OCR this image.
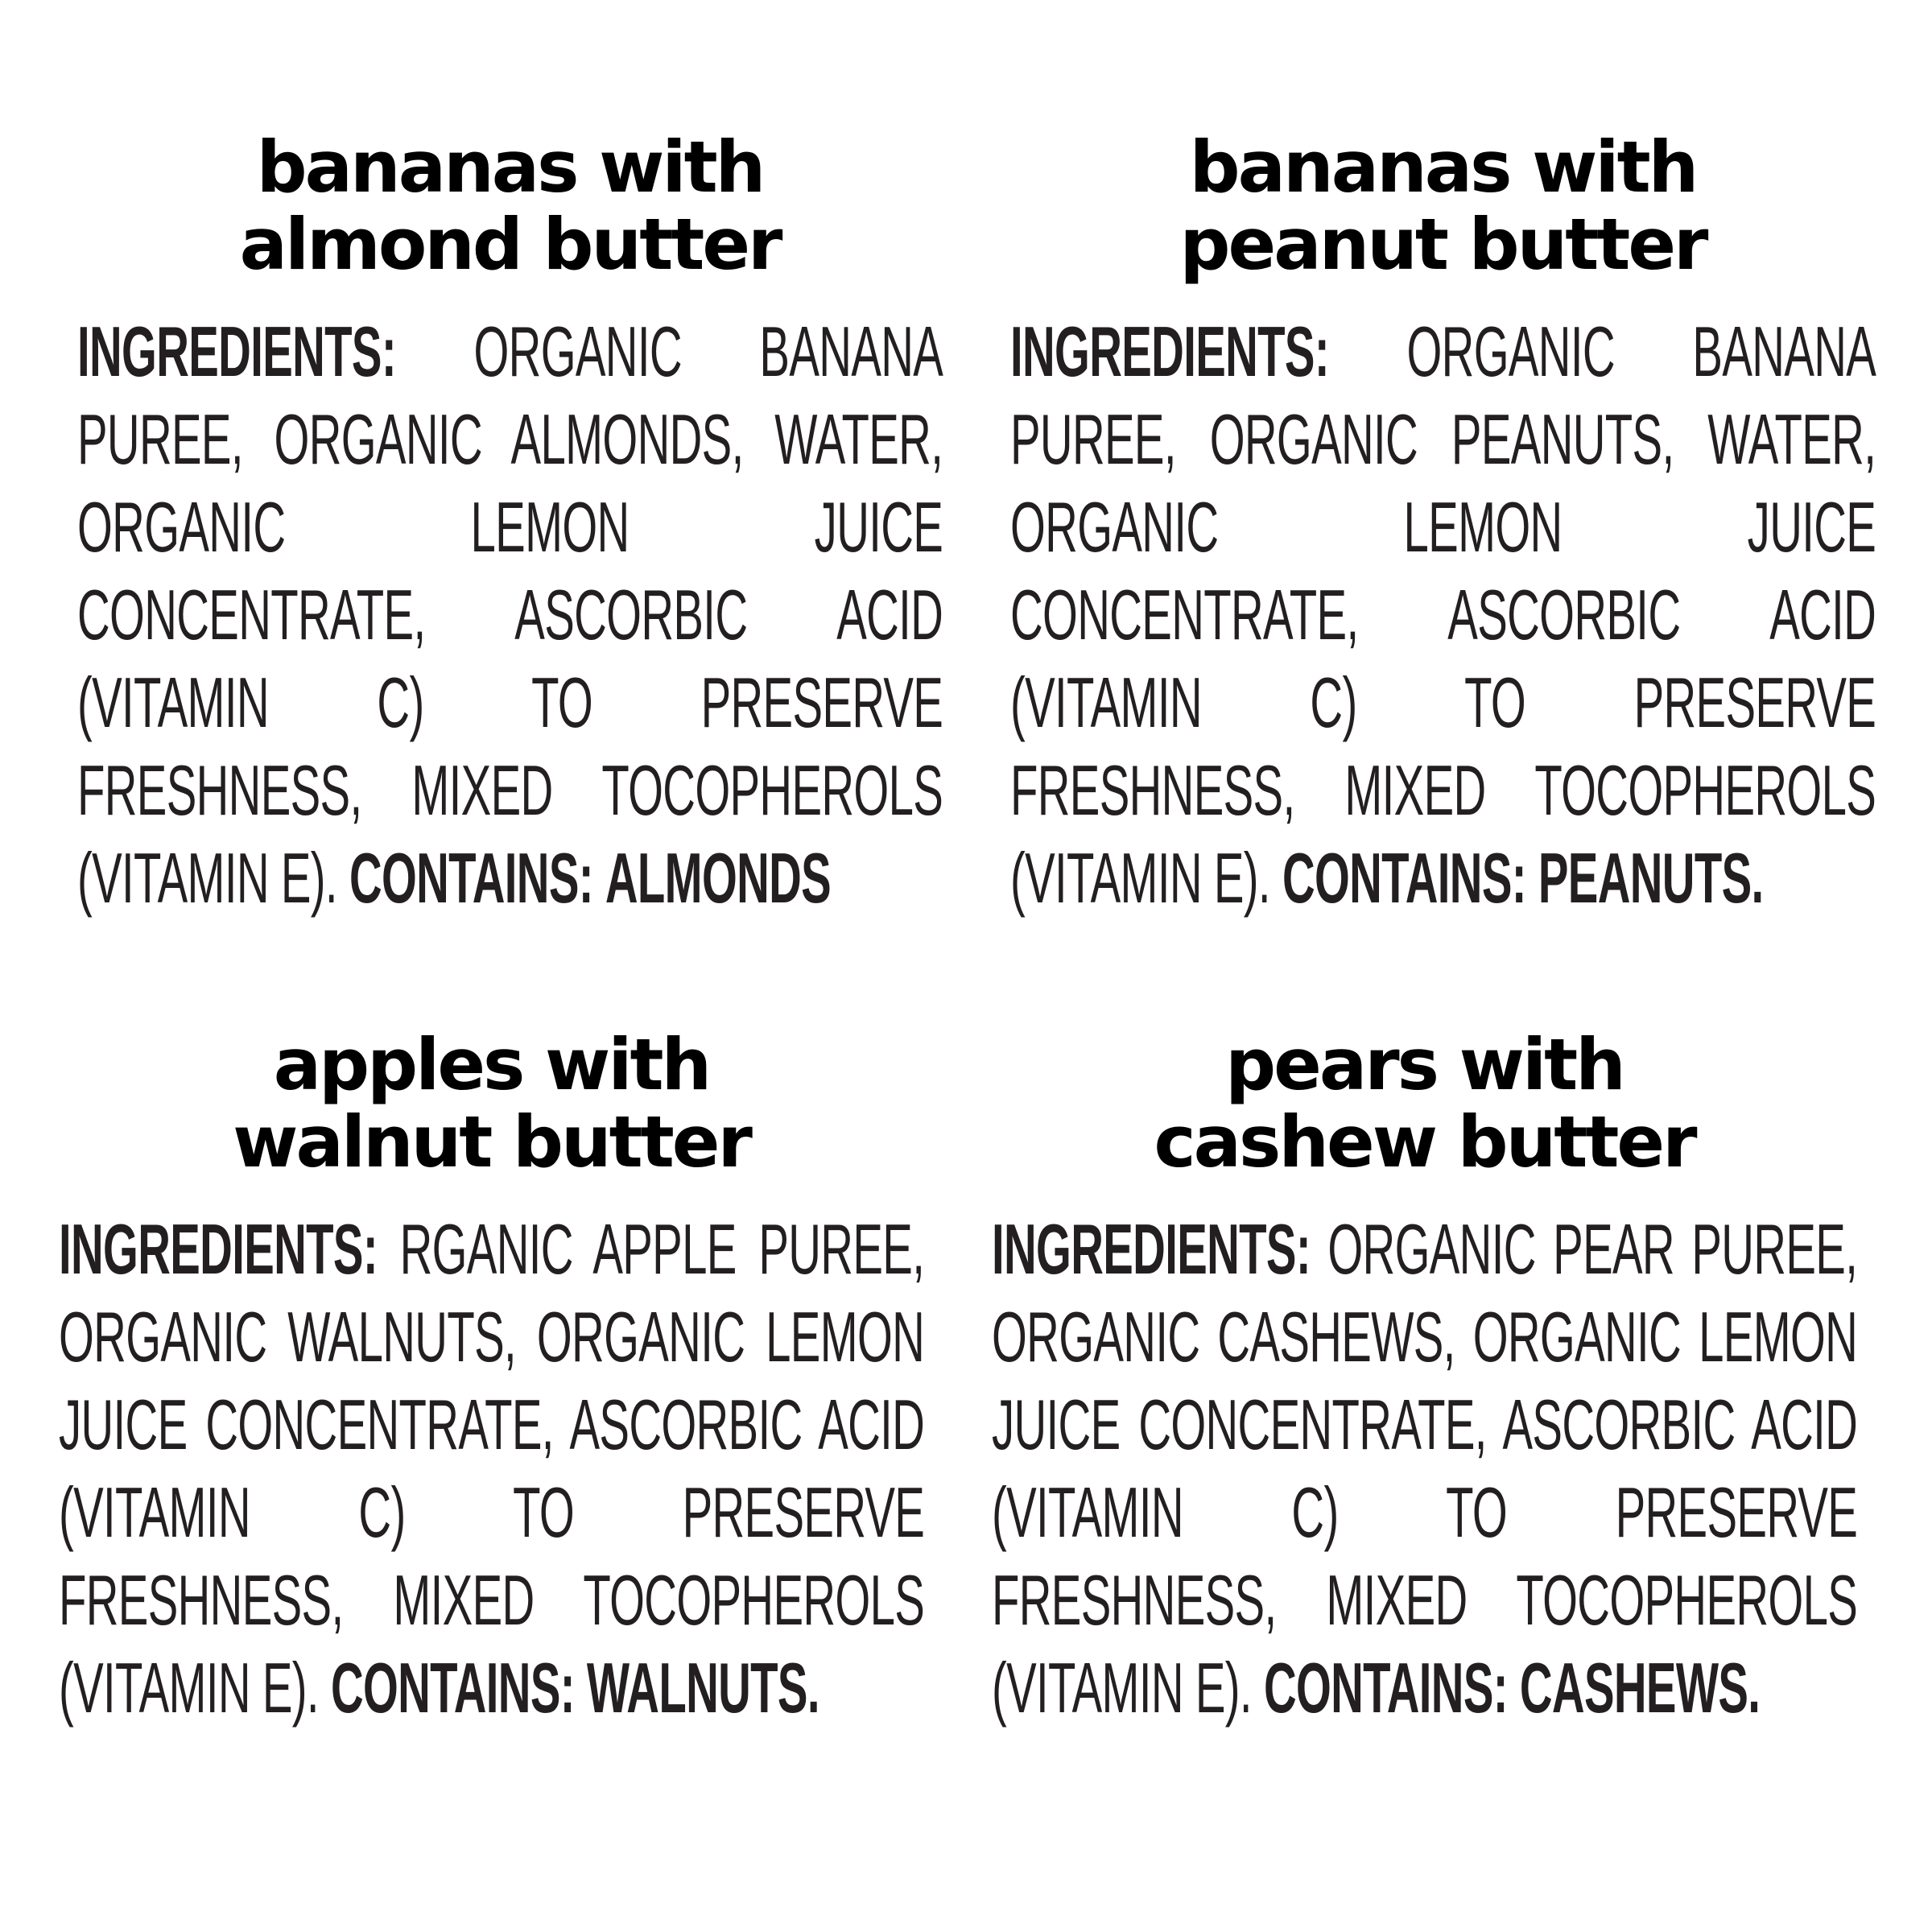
bananas with
almond butter
INGREDIENTS: ORGANIC BANANA PUREE, ORGANIC ALMONDS, WATER, ORGANIC LEMON JUICE CONCENTRATE, ASCORBIC ACID (VITAMIN C) TO PRESERVE FRESHNESS, MIXED TOCOPHEROLS (VITAMIN E). CONTAINS: ALMONDS
bananas with
peanut butter
INGREDIENTS: ORGANIC BANANA PUREE, ORGANIC PEANUTS, WATER, ORGANIC LEMON JUICE CONCENTRATE, ASCORBIC ACID (VITAMIN C) TO PRESERVE FRESHNESS, MIXED TOCOPHEROLS (VITAMIN E). CONTAINS: PEANUTS.
apples with
walnut butter
INGREDIENTS: RGANIC APPLE PUREE, ORGANIC WALNUTS, ORGANIC LEMON JUICE CONCENTRATE, ASCORBIC ACID (VITAMIN C) TO PRESERVE FRESHNESS, MIXED TOCOPHEROLS (VITAMIN E). CONTAINS: WALNUTS.
pears with
cashew butter
INGREDIENTS: ORGANIC PEAR PUREE, ORGANIC CASHEWS, ORGANIC LEMON JUICE CONCENTRATE, ASCORBIC ACID (VITAMIN C) TO PRESERVE FRESHNESS, MIXED TOCOPHEROLS (VITAMIN E). CONTAINS: CASHEWS.
